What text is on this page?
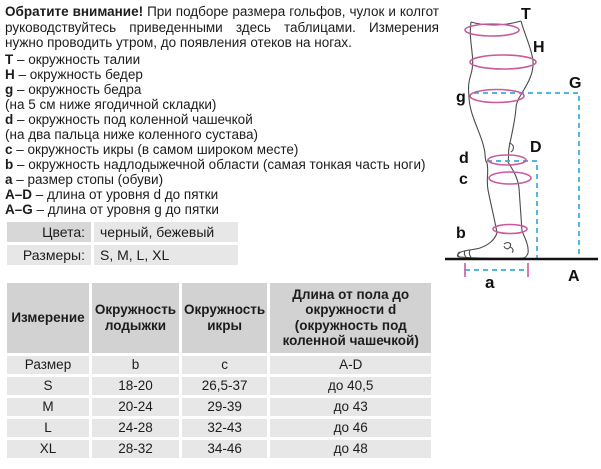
Обратите внимание! При подборе размера гольфов, чулок и колгот руководствуйтесь приведенными здесь таблицами. Измерения нужно проводить утром, до появления отеков на ногах.

T – окружность талии
H – окружность бедер
g – окружность бедра
(на 5 см ниже ягодичной складки)
d – окружность под коленной чашечкой
(на два пальца ниже коленного сустава)
c – окружность икры (в самом широком месте)
b – окружность надлодыжечной области (самая тонкая часть ноги)
a – размер стопы (обуви)
A–D – длина от уровня d до пятки
A–G – длина от уровня g до пятки
Цвета:	черный, бежевый
Размеры:	S, M, L, XL
Измерение	Окружность лодыжки	Окружность икры	Длина от пола до окружности d (окружность под коленной чашечкой)
Размер	b	c	A-D
S	18-20	26,5-37	до 40,5
M	20-24	29-39	до 43
L	24-28	32-43	до 46
XL	28-32	34-46	до 48
T
H
G
g
D
d
c
b
a	A
